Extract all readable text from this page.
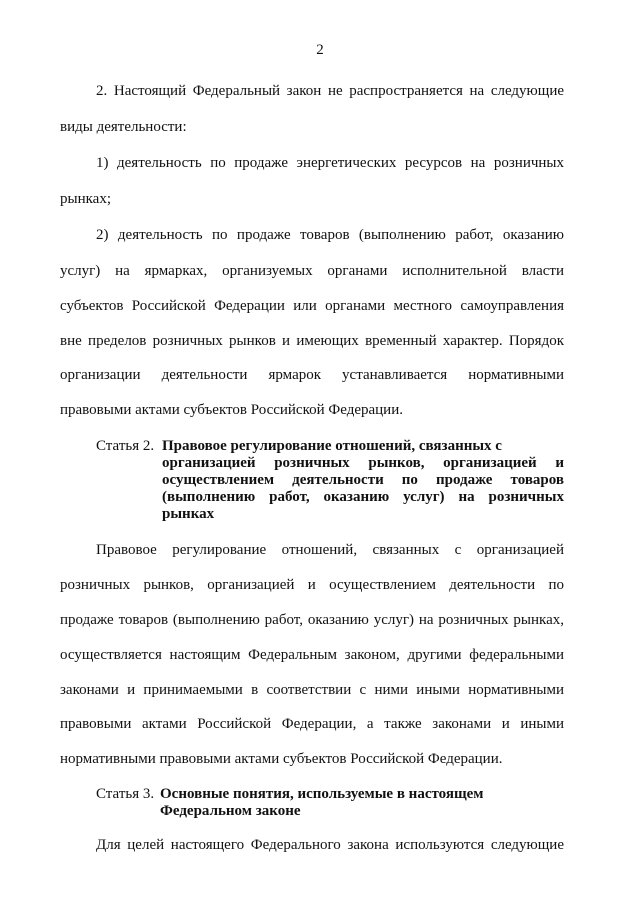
2
2. Настоящий Федеральный закон не распространяется на следующие
виды деятельности:
1) деятельность по продаже энергетических ресурсов на розничных
рынках;
2) деятельность по продаже товаров (выполнению работ, оказанию
услуг) на ярмарках, организуемых органами исполнительной власти
субъектов Российской Федерации или органами местного самоуправления
вне пределов розничных рынков и имеющих временный характер. Порядок
организации деятельности ярмарок устанавливается нормативными
правовыми актами субъектов Российской Федерации.
Статья 2. Правовое регулирование отношений, связанных с
организацией розничных рынков, организацией и
осуществлением деятельности по продаже товаров
(выполнению работ, оказанию услуг) на розничных
рынках
Правовое регулирование отношений, связанных с организацией
розничных рынков, организацией и осуществлением деятельности по
продаже товаров (выполнению работ, оказанию услуг) на розничных рынках,
осуществляется настоящим Федеральным законом, другими федеральными
законами и принимаемыми в соответствии с ними иными нормативными
правовыми актами Российской Федерации, а также законами и иными
нормативными правовыми актами субъектов Российской Федерации.
Статья 3. Основные понятия, используемые в настоящем
Федеральном законе
Для целей настоящего Федерального закона используются следующие
